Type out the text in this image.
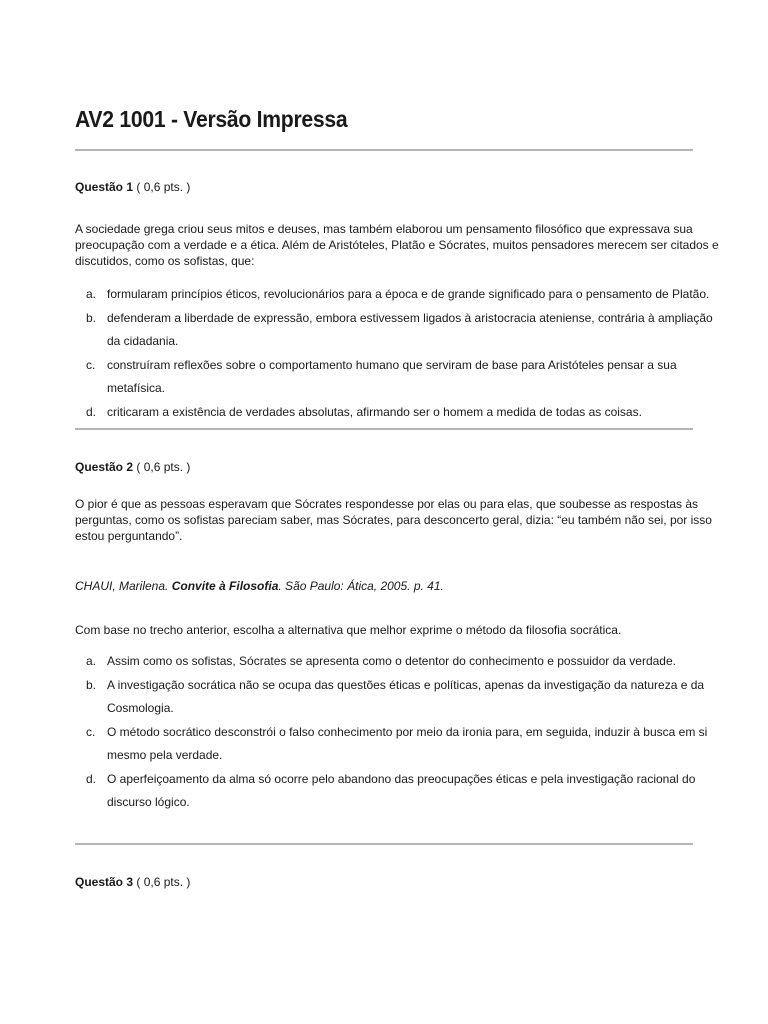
AV2 1001 - Versão Impressa
Questão 1 ( 0,6 pts. )
A sociedade grega criou seus mitos e deuses, mas também elaborou um pensamento filosófico que expressava sua
preocupação com a verdade e a ética. Além de Aristóteles, Platão e Sócrates, muitos pensadores merecem ser citados e
discutidos, como os sofistas, que:
a. formularam princípios éticos, revolucionários para a época e de grande significado para o pensamento de Platão.
b. defenderam a liberdade de expressão, embora estivessem ligados à aristocracia ateniense, contrária à ampliação
da cidadania.
c. construíram reflexões sobre o comportamento humano que serviram de base para Aristóteles pensar a sua
metafísica.
d. criticaram a existência de verdades absolutas, afirmando ser o homem a medida de todas as coisas.
Questão 2 ( 0,6 pts. )
O pior é que as pessoas esperavam que Sócrates respondesse por elas ou para elas, que soubesse as respostas às
perguntas, como os sofistas pareciam saber, mas Sócrates, para desconcerto geral, dizia: “eu também não sei, por isso
estou perguntando”.
CHAUI, Marilena. Convite à Filosofia. São Paulo: Ática, 2005. p. 41.
Com base no trecho anterior, escolha a alternativa que melhor exprime o método da filosofia socrática.
a. Assim como os sofistas, Sócrates se apresenta como o detentor do conhecimento e possuidor da verdade.
b. A investigação socrática não se ocupa das questões éticas e políticas, apenas da investigação da natureza e da
Cosmologia.
c. O método socrático desconstrói o falso conhecimento por meio da ironia para, em seguida, induzir à busca em si
mesmo pela verdade.
d. O aperfeiçoamento da alma só ocorre pelo abandono das preocupações éticas e pela investigação racional do
discurso lógico.
Questão 3 ( 0,6 pts. )
